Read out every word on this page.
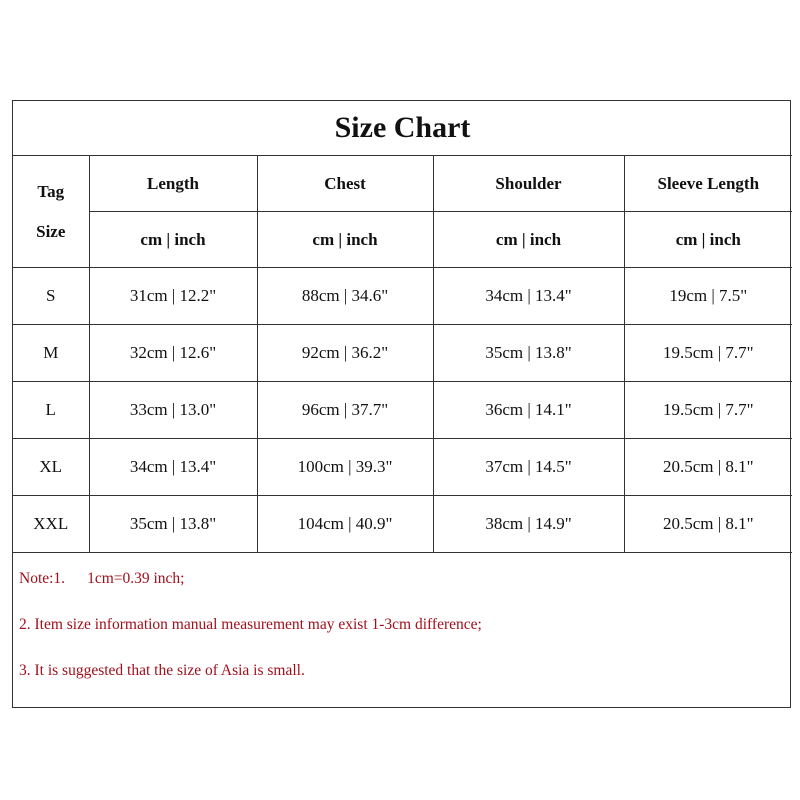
Size Chart				

Tag
Size	Length	Chest	Shoulder	Sleeve Length
	cm | inch	cm | inch	cm | inch	cm | inch
S	31cm | 12.2"	88cm | 34.6"	34cm | 13.4"	19cm | 7.5"
M	32cm | 12.6"	92cm | 36.2"	35cm | 13.8"	19.5cm | 7.7"
L	33cm | 13.0"	96cm | 37.7"	36cm | 14.1"	19.5cm | 7.7"
XL	34cm | 13.4"	100cm | 39.3"	37cm | 14.5"	20.5cm | 8.1"
XXL	35cm | 13.8"	104cm | 40.9"	38cm | 14.9"	20.5cm | 8.1"
Note:1. 1cm=0.39 inch;
2. Item size information manual measurement may exist 1-3cm difference;
3. It is suggested that the size of Asia is small.
